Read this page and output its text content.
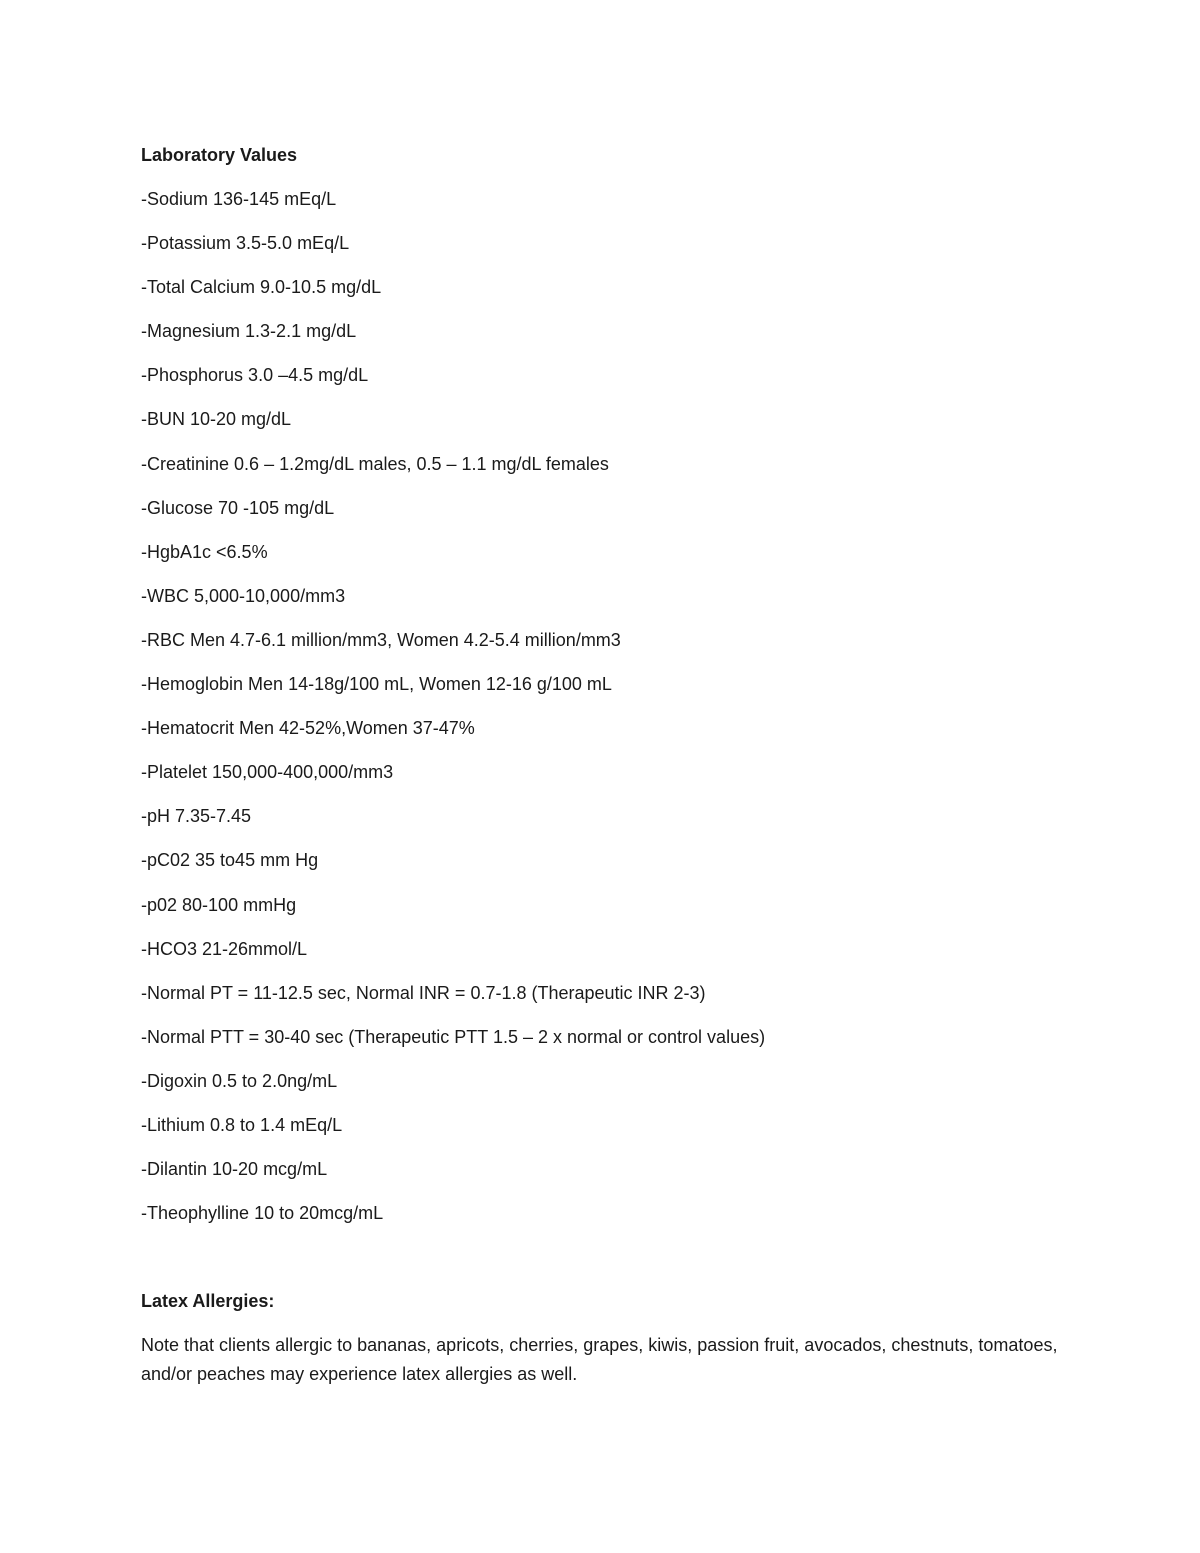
Laboratory Values
-Sodium 136-145 mEq/L
-Potassium 3.5-5.0 mEq/L
-Total Calcium 9.0-10.5 mg/dL
-Magnesium 1.3-2.1 mg/dL
-Phosphorus 3.0 –4.5 mg/dL
-BUN 10-20 mg/dL
-Creatinine 0.6 – 1.2mg/dL males, 0.5 – 1.1 mg/dL females
-Glucose 70 -105 mg/dL
-HgbA1c <6.5%
-WBC 5,000-10,000/mm3
-RBC Men 4.7-6.1 million/mm3, Women 4.2-5.4 million/mm3
-Hemoglobin Men 14-18g/100 mL, Women 12-16 g/100 mL
-Hematocrit Men 42-52%,Women 37-47%
-Platelet 150,000-400,000/mm3
-pH 7.35-7.45
-pC02 35 to45 mm Hg
-p02 80-100 mmHg
-HCO3 21-26mmol/L
-Normal PT = 11-12.5 sec, Normal INR = 0.7-1.8 (Therapeutic INR 2-3)
-Normal PTT = 30-40 sec (Therapeutic PTT 1.5 – 2 x normal or control values)
-Digoxin 0.5 to 2.0ng/mL
-Lithium 0.8 to 1.4 mEq/L
-Dilantin 10-20 mcg/mL
-Theophylline 10 to 20mcg/mL
Latex Allergies:

Note that clients allergic to bananas, apricots, cherries, grapes, kiwis, passion fruit, avocados, chestnuts, tomatoes, and/or peaches may experience latex allergies as well.
